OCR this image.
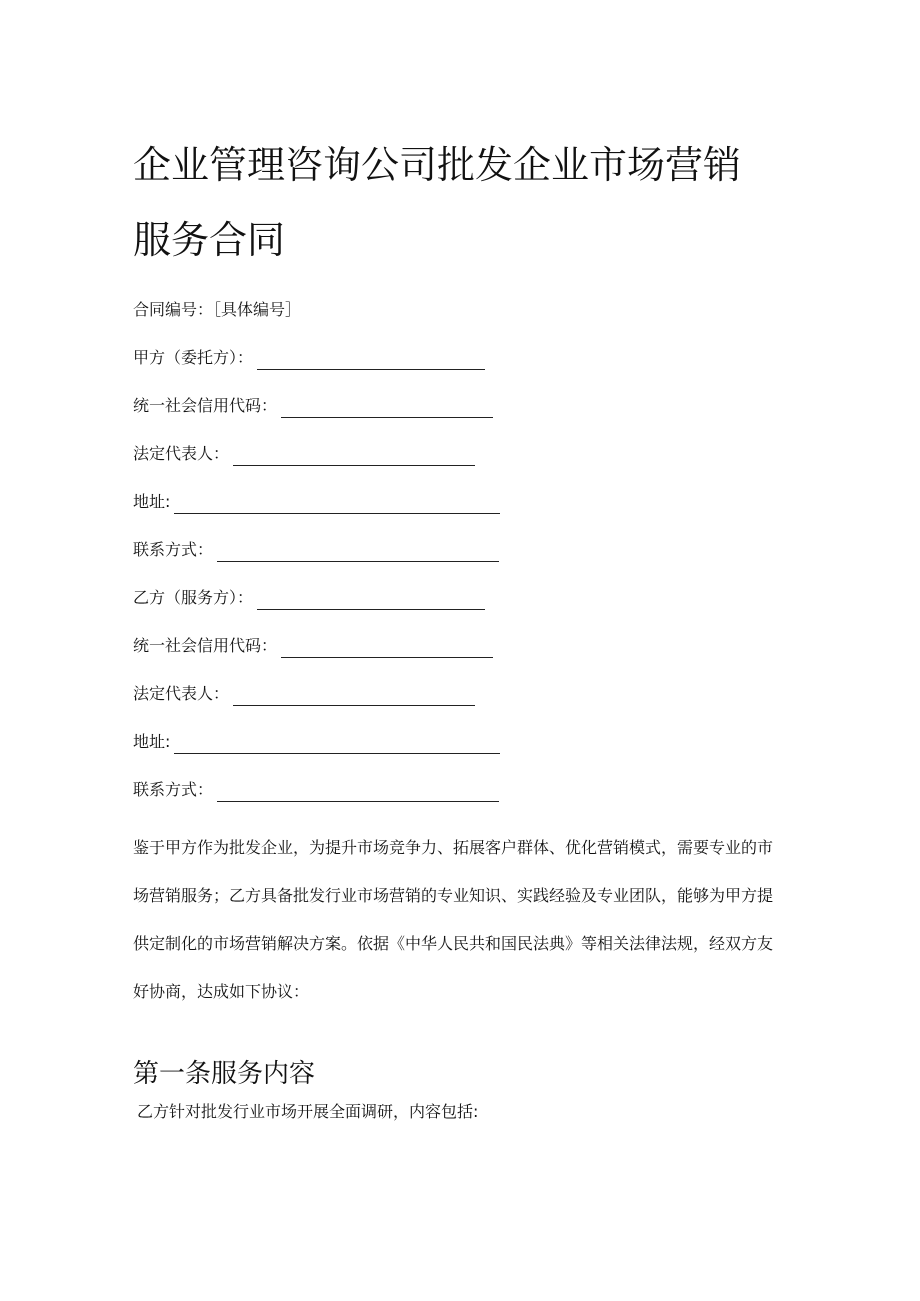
企业管理咨询公司批发企业市场营销服务合同
合同编号：［具体编号］
甲方（委托方）：
统一社会信用代码：
法定代表人：
地址:
联系方式：
乙方（服务方）：
统一社会信用代码：
法定代表人：
地址:
联系方式：

鉴于甲方作为批发企业，为提升市场竞争力、拓展客户群体、优化营销模式，需要专业的市场营销服务；乙方具备批发行业市场营销的专业知识、实践经验及专业团队，能够为甲方提供定制化的市场营销解决方案。依据《中华人民共和国民法典》等相关法律法规，经双方友好协商，达成如下协议：

第一条服务内容

乙方针对批发行业市场开展全面调研，内容包括:
